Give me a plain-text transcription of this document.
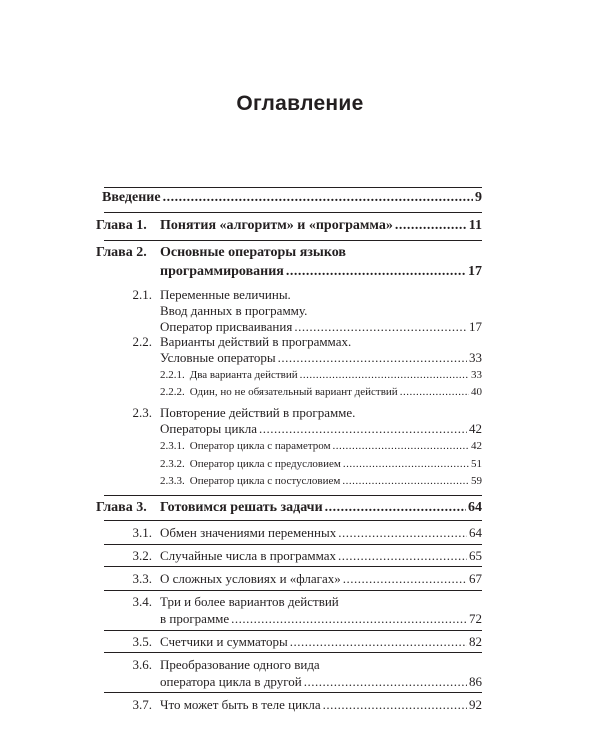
Оглавление
Введение .....	9
Глава 1. Понятия «алгоритм» и «программа» .....	11
Глава 2. Основные операторы языков
программирования .....	17
2.1. Переменные величины.
Ввод данных в программу.
Оператор присваивания .....	17
2.2. Варианты действий в программах.
Условные операторы .....	33
2.2.1. Два варианта действий .....	33
2.2.2. Один, но не обязательный вариант действий .....	40
2.3. Повторение действий в программе.
Операторы цикла .....	42
2.3.1. Оператор цикла с параметром .....	42
2.3.2. Оператор цикла с предусловием .....	51
2.3.3. Оператор цикла с постусловием .....	59
Глава 3. Готовимся решать задачи .....	64
3.1. Обмен значениями переменных .....	64
3.2. Случайные числа в программах .....	65
3.3. О сложных условиях и «флагах» .....	67
3.4. Три и более вариантов действий
в программе .....	72
3.5. Счетчики и сумматоры .....	82
3.6. Преобразование одного вида
оператора цикла в другой .....	86
3.7. Что может быть в теле цикла .....	92
